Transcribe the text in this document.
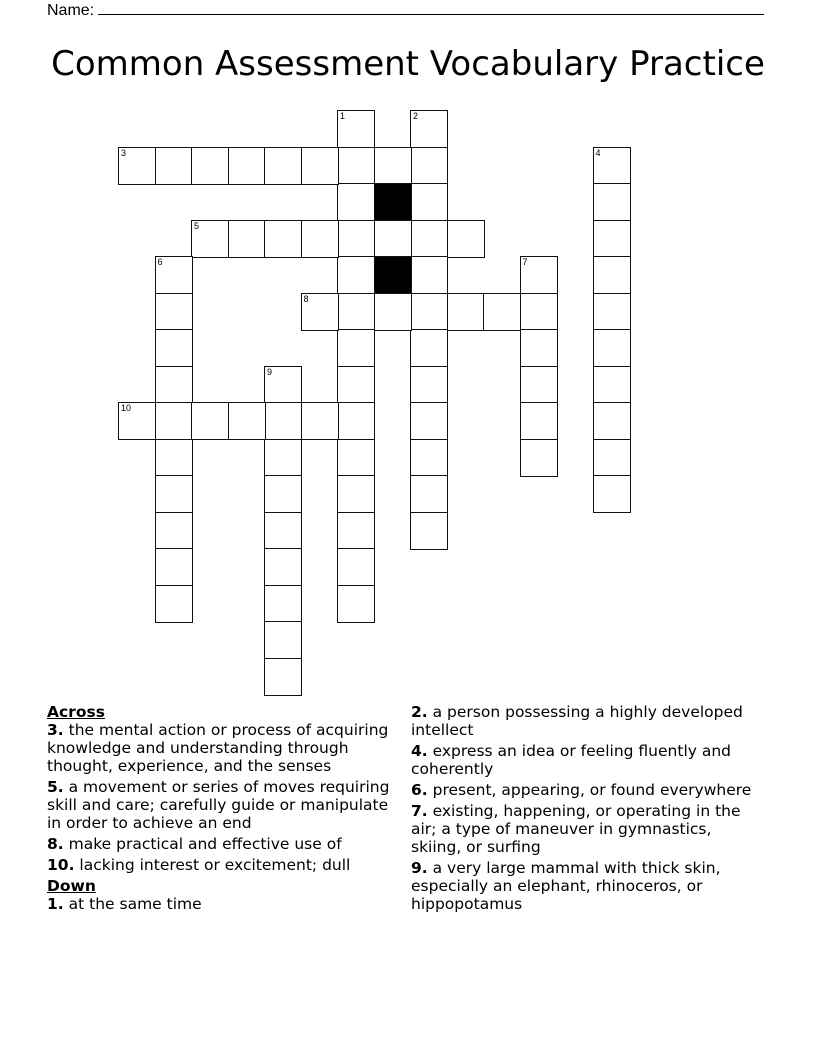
Name:
Common Assessment Vocabulary Practice
1	2
3	4
5
6	7
8
9
10
Across
3. the mental action or process of acquiring knowledge and understanding through thought, experience, and the senses
5. a movement or series of moves requiring skill and care; carefully guide or manipulate in order to achieve an end
8. make practical and effective use of
10. lacking interest or excitement; dull
Down
1. at the same time
2. a person possessing a highly developed intellect
4. express an idea or feeling fluently and coherently
6. present, appearing, or found everywhere
7. existing, happening, or operating in the air; a type of maneuver in gymnastics, skiing, or surfing
9. a very large mammal with thick skin, especially an elephant, rhinoceros, or hippopotamus
